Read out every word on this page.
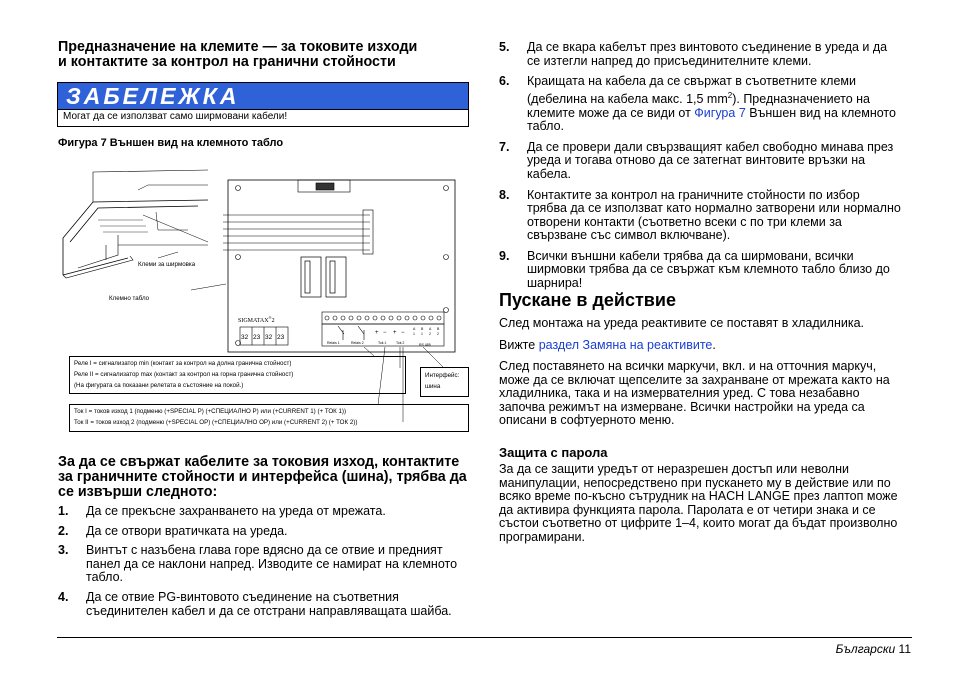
Предназначение на клемите — за токовите изходи
и контактите за контрол на гранични стойности
ЗАБЕЛЕЖКА
Могат да се използват само ширмовани кабели!
Фигура 7 Външен вид на клемното табло
SIGMATAX®2
32 23 32 23
Relais 1	Relais 2	Tok 1	Tok 2	RS 485
+ − + −
A B A B
1 1 2 2
Клеми за ширмовка
Клемно табло
Реле I = сигнализатор min (контакт за контрол на долна гранична стойност)
Реле II = сигнализатор max (контакт за контрол на горна гранична стойност)
(На фигурата са показани релетата в състояние на покой.)
Интерфейс:
шина
Ток I = токов изход 1 (подменю (+SPECIAL P) (+СПЕЦИАЛНО Р) или (+CURRENT 1) (+ ТОК 1))
Ток II = токов изход 2 (подменю (+SPECIAL OP) (+СПЕЦИАЛНО ОР) или (+CURRENT 2) (+ ТОК 2))
За да се свържат кабелите за токовия изход, контактите
за граничните стойности и интерфейса (шина), трябва да
се извърши следното:
1. Да се прекъсне захранването на уреда от мрежата.
2. Да се отвори вратичката на уреда.
3. Винтът с назъбена глава горе вдясно да се отвие и предният
панел да се наклони напред. Изводите се намират на клемното
табло.
4. Да се отвие PG-винтовото съединение на съответния
съединителен кабел и да се отстрани направляващата шайба.
5. Да се вкара кабелът през винтовото съединение в уреда и да
се изтегли напред до присъединителните клеми.
6. Краищата на кабела да се свържат в съответните клеми
(дебелина на кабела макс. 1,5 $mm^2$). Предназначението на
клемите може да се види от Фигура 7 Външен вид на клемното
табло.
7. Да се провери дали свързващият кабел свободно минава през
уреда и тогава отново да се затегнат винтовите връзки на
кабела.
8. Контактите за контрол на граничните стойности по избор
трябва да се използват като нормално затворени или нормално
отворени контакти (съответно всеки с по три клеми за
свързване със символ включване).
9. Всички външни кабели трябва да са ширмовани, всички
ширмовки трябва да се свържат към клемното табло близо до
шарнира!
Пускане в действие
След монтажа на уреда реактивите се поставят в хладилника.
Вижте раздел Замяна на реактивите.
След поставянето на всички маркучи, вкл. и на отточния маркуч,
може да се включат щепселите за захранване от мрежата както на
хладилника, така и на измервателния уред. С това незабавно
започва режимът на измерване. Всички настройки на уреда са
описани в софтуерното меню.
Защита с парола
За да се защити уредът от неразрешен достъп или неволни
манипулации, непосредствено при пускането му в действие или по
всяко време по-късно сътрудник на HACH LANGE през лаптоп може
да активира функцията парола. Паролата е от четири знака и се
състои съответно от цифрите 1–4, които могат да бъдат произволно
програмирани.
Български 11
